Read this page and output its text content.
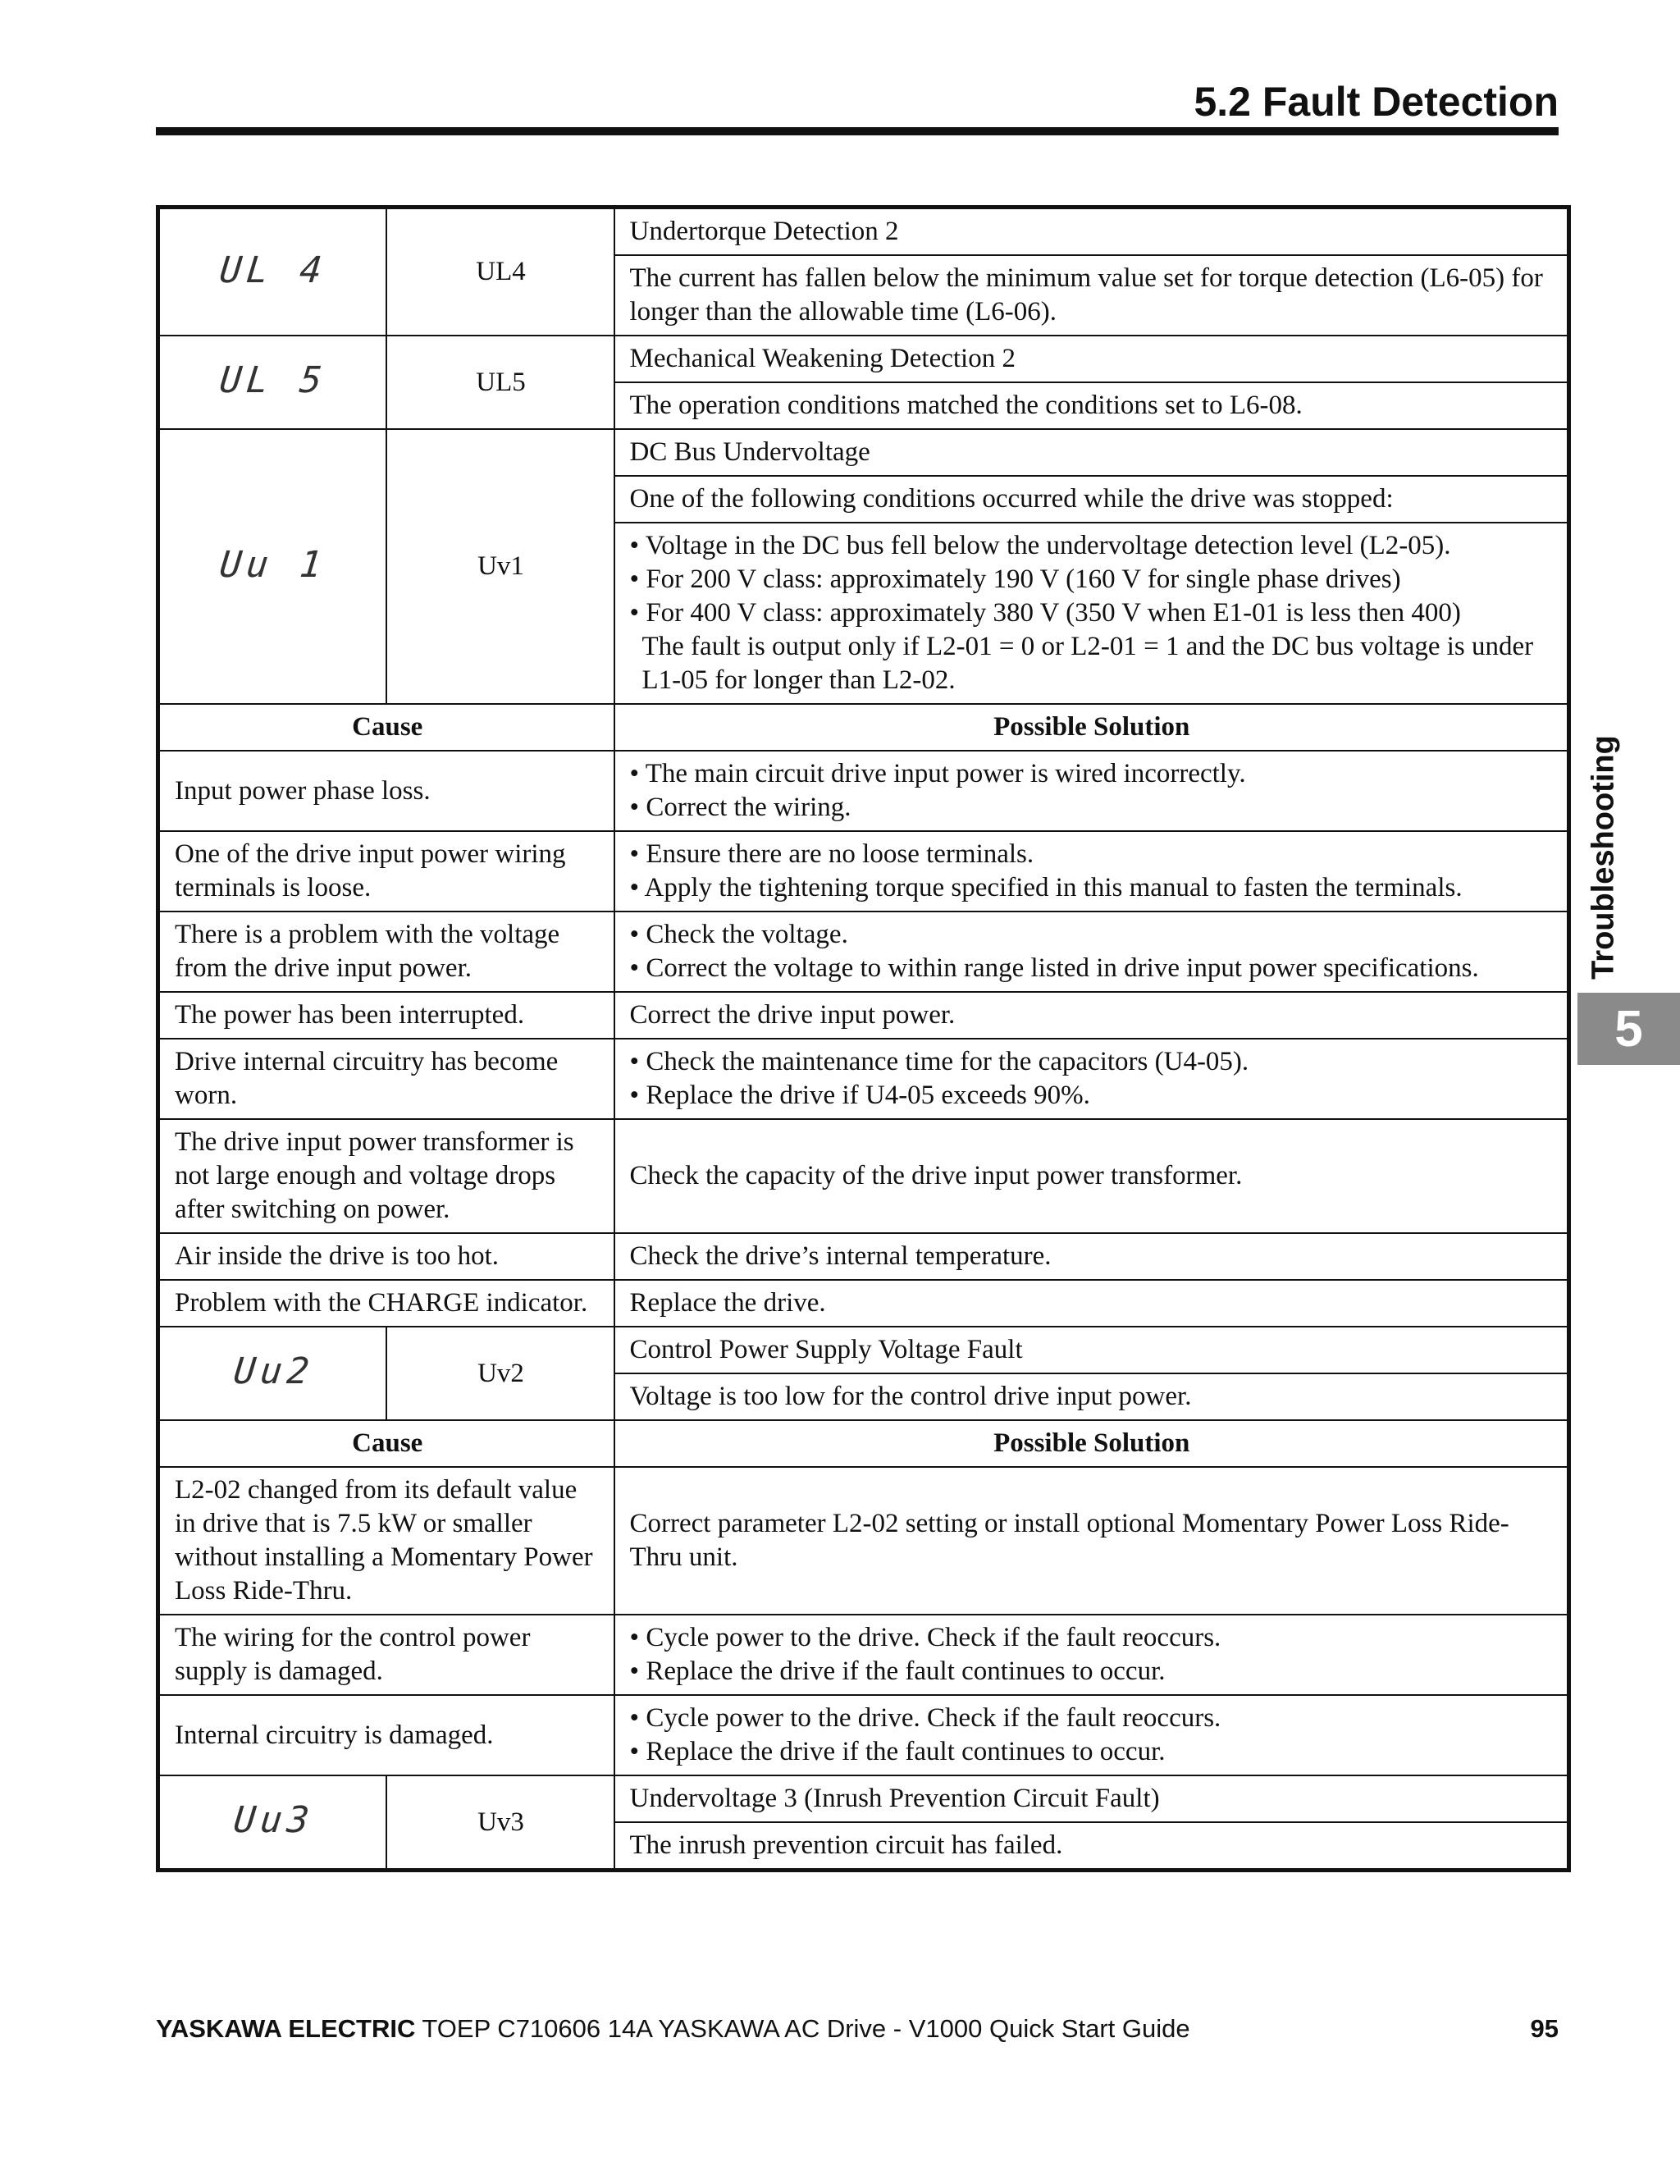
5.2 Fault Detection
Troubleshooting
5
UL 4	UL4	Undertorque Detection 2
		The current has fallen below the minimum value set for torque detection (L6-05) for longer than the allowable time (L6-06).
UL 5	UL5	Mechanical Weakening Detection 2
		The operation conditions matched the conditions set to L6-08.
Uu 1	Uv1	DC Bus Undervoltage
		One of the following conditions occurred while the drive was stopped:

		• Voltage in the DC bus fell below the undervoltage detection level (L2-05).
• For 200 V class: approximately 190 V (160 V for single phase drives)
• For 400 V class: approximately 380 V (350 V when E1-01 is less then 400)
The fault is output only if L2-01 = 0 or L2-01 = 1 and the DC bus voltage is under L1-05 for longer than L2-02.

Cause		Possible Solution
Input power phase loss.		• The main circuit drive input power is wired incorrectly.
• Correct the wiring.

One of the drive input power wiring terminals is loose.		• Ensure there are no loose terminals.
• Apply the tightening torque specified in this manual to fasten the terminals.

There is a problem with the voltage from the drive input power.		• Check the voltage.
• Correct the voltage to within range listed in drive input power specifications.

The power has been interrupted.		Correct the drive input power.
Drive internal circuitry has become worn.		• Check the maintenance time for the capacitors (U4-05).
• Replace the drive if U4-05 exceeds 90%.

The drive input power transformer is not large enough and voltage drops after switching on power.		Check the capacity of the drive input power transformer.
Air inside the drive is too hot.		Check the drive’s internal temperature.
Problem with the CHARGE indicator.		Replace the drive.
Uu2	Uv2	Control Power Supply Voltage Fault
		Voltage is too low for the control drive input power.
Cause		Possible Solution
L2-02 changed from its default value in drive that is 7.5 kW or smaller without installing a Momentary Power Loss Ride-Thru.		Correct parameter L2-02 setting or install optional Momentary Power Loss Ride-Thru unit.
The wiring for the control power supply is damaged.		• Cycle power to the drive. Check if the fault reoccurs.
• Replace the drive if the fault continues to occur.

Internal circuitry is damaged.		• Cycle power to the drive. Check if the fault reoccurs.
• Replace the drive if the fault continues to occur.

Uu3	Uv3	Undervoltage 3 (Inrush Prevention Circuit Fault)
		The inrush prevention circuit has failed.
YASKAWA ELECTRIC TOEP C710606 14A YASKAWA AC Drive - V1000 Quick Start Guide	95
